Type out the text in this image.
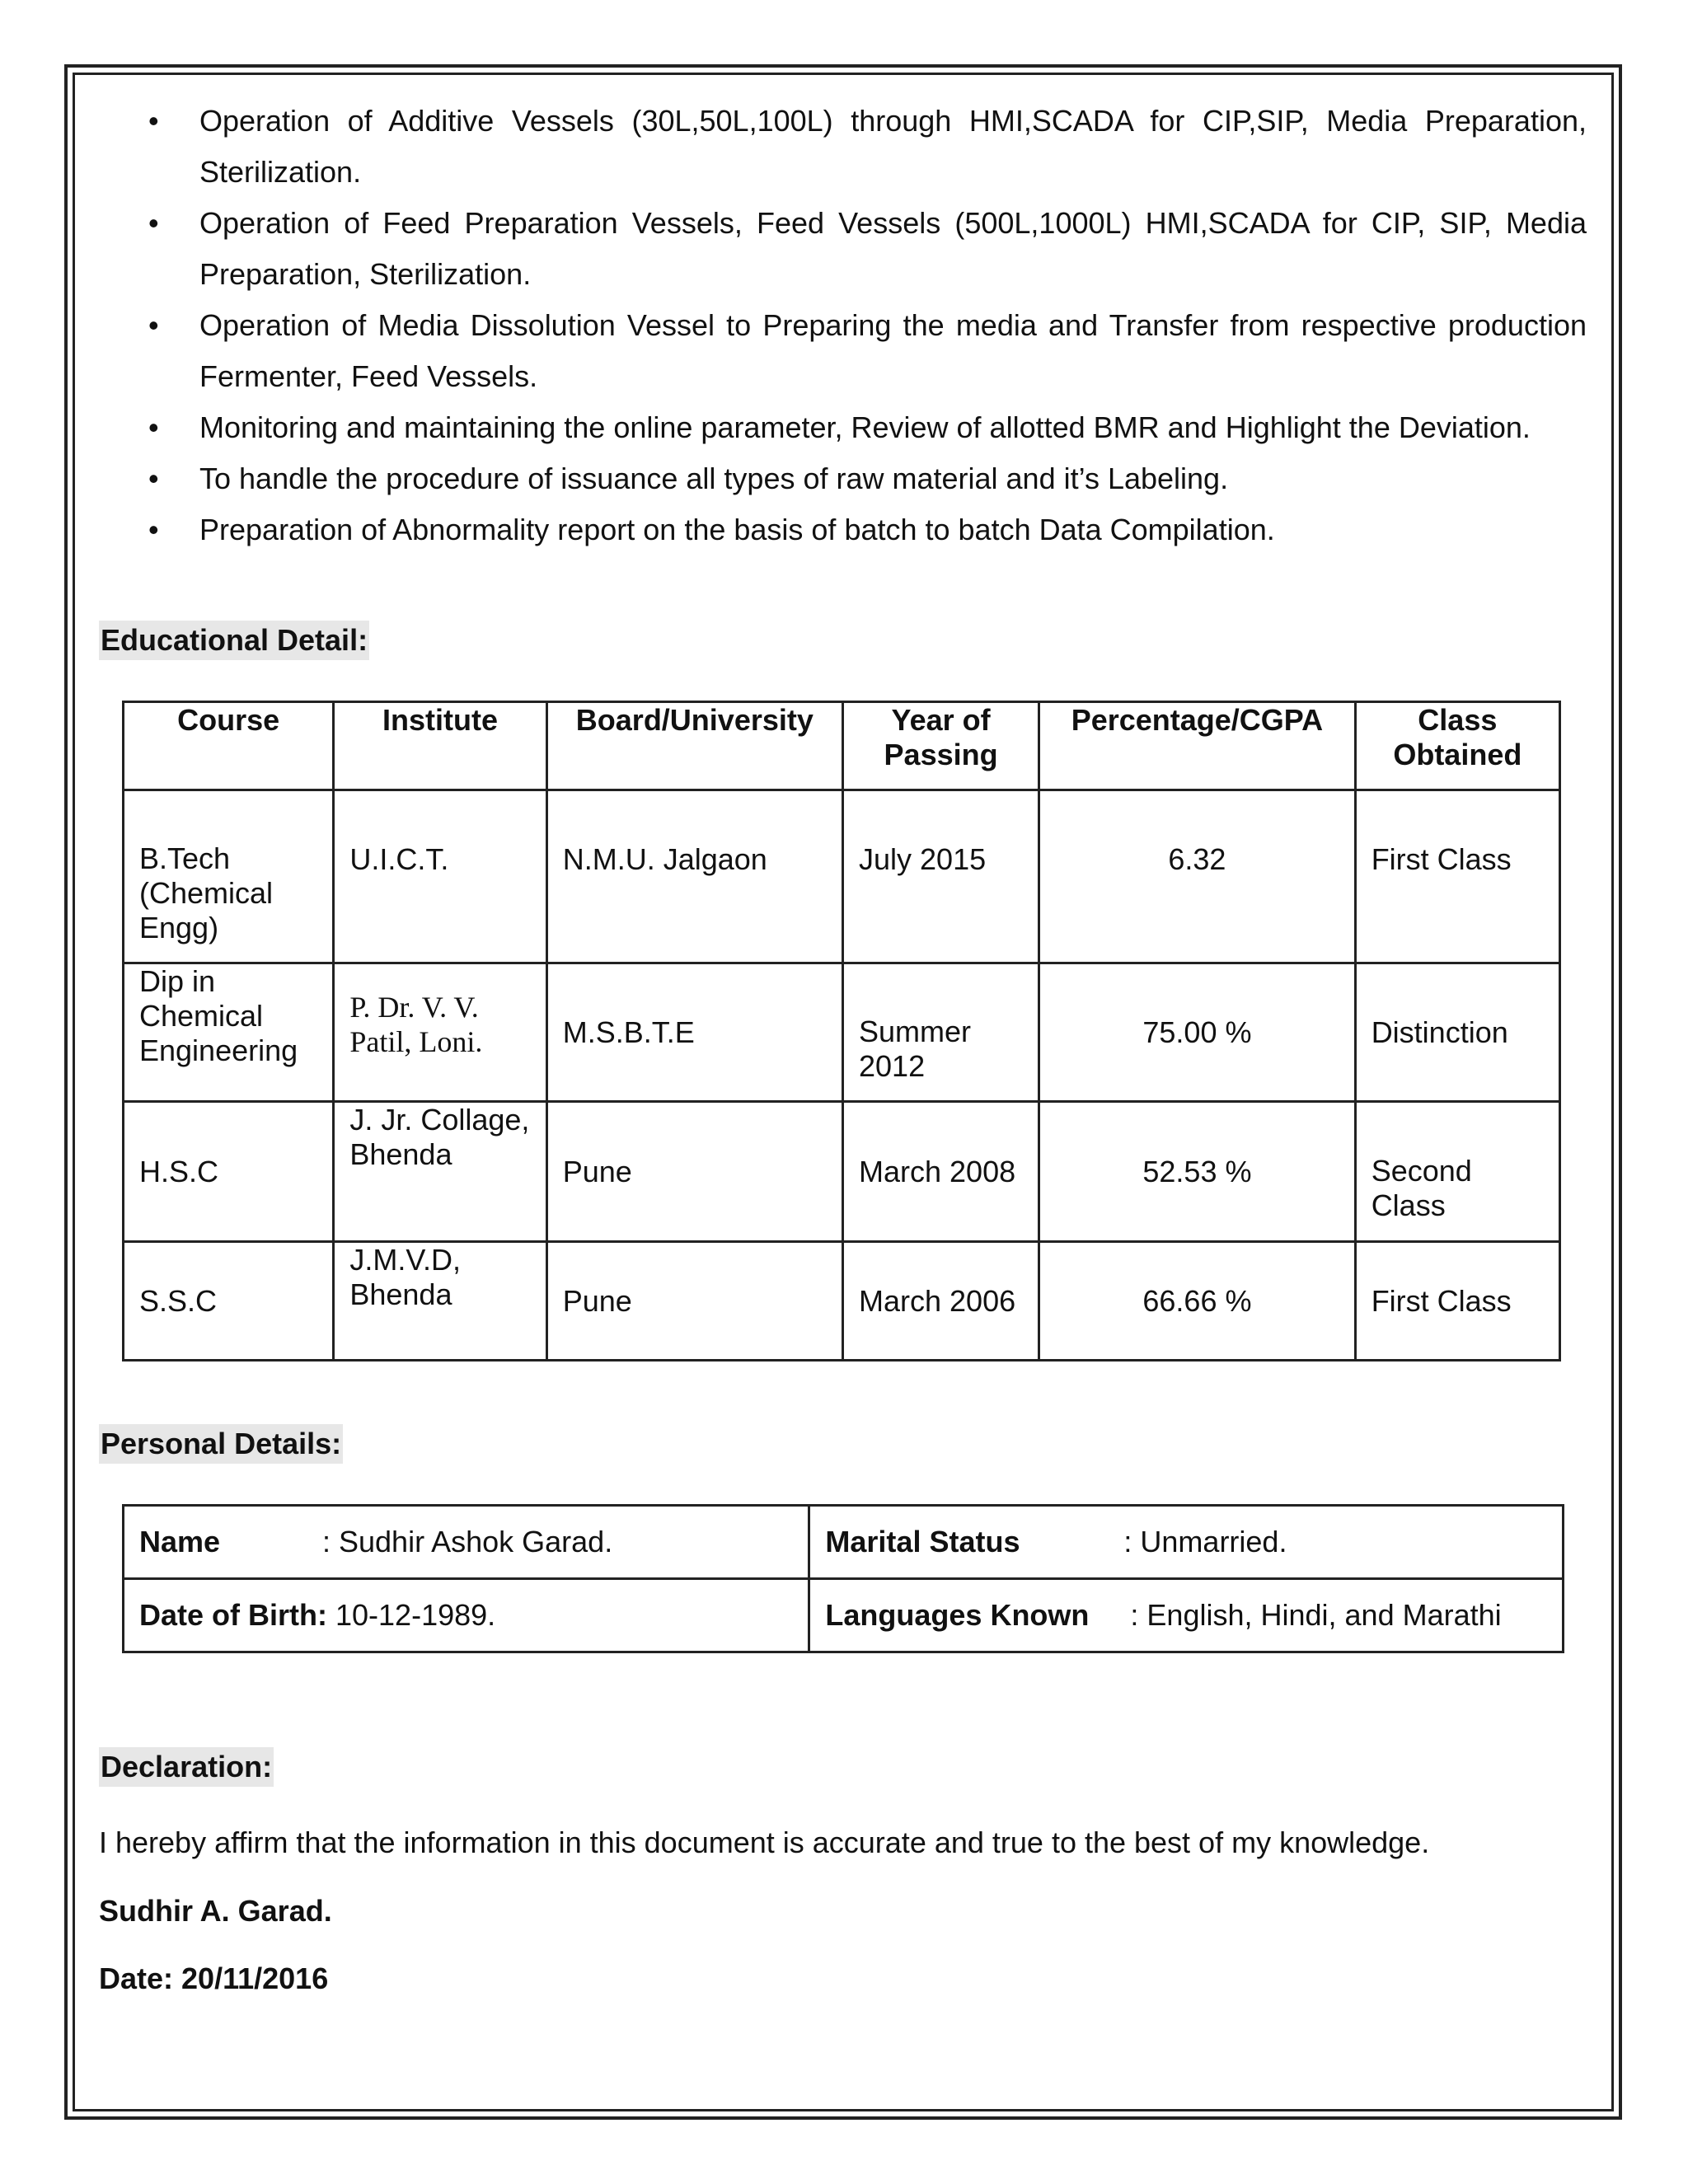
• Operation of Additive Vessels (30L,50L,100L) through HMI,SCADA for CIP,SIP, Media Preparation, Sterilization.
• Operation of Feed Preparation Vessels, Feed Vessels (500L,1000L) HMI,SCADA for CIP, SIP, Media Preparation, Sterilization.
• Operation of Media Dissolution Vessel to Preparing the media and Transfer from respective production Fermenter, Feed Vessels.
• Monitoring and maintaining the online parameter, Review of allotted BMR and Highlight the Deviation.
• To handle the procedure of issuance all types of raw material and it’s Labeling.
• Preparation of Abnormality report on the basis of batch to batch Data Compilation.
Educational Detail:
Course	Institute	Board/University	Year of Passing	Percentage/CGPA	Class Obtained
B.Tech (Chemical Engg)	U.I.C.T.	N.M.U. Jalgaon	July 2015	6.32	First Class
Dip in Chemical Engineering	P. Dr. V. V. Patil, Loni.	M.S.B.T.E	Summer 2012	75.00 %	Distinction
H.S.C	J. Jr. Collage, Bhenda	Pune	March 2008	52.53 %	Second Class
S.S.C	J.M.V.D, Bhenda	Pune	March 2006	66.66 %	First Class
Personal Details:
Name : Sudhir Ashok Garad.	Marital Status : Unmarried.
Date of Birth: 10-12-1989.	Languages Known : English, Hindi, and Marathi
Declaration:
I hereby affirm that the information in this document is accurate and true to the best of my knowledge.
Sudhir A. Garad.
Date: 20/11/2016
